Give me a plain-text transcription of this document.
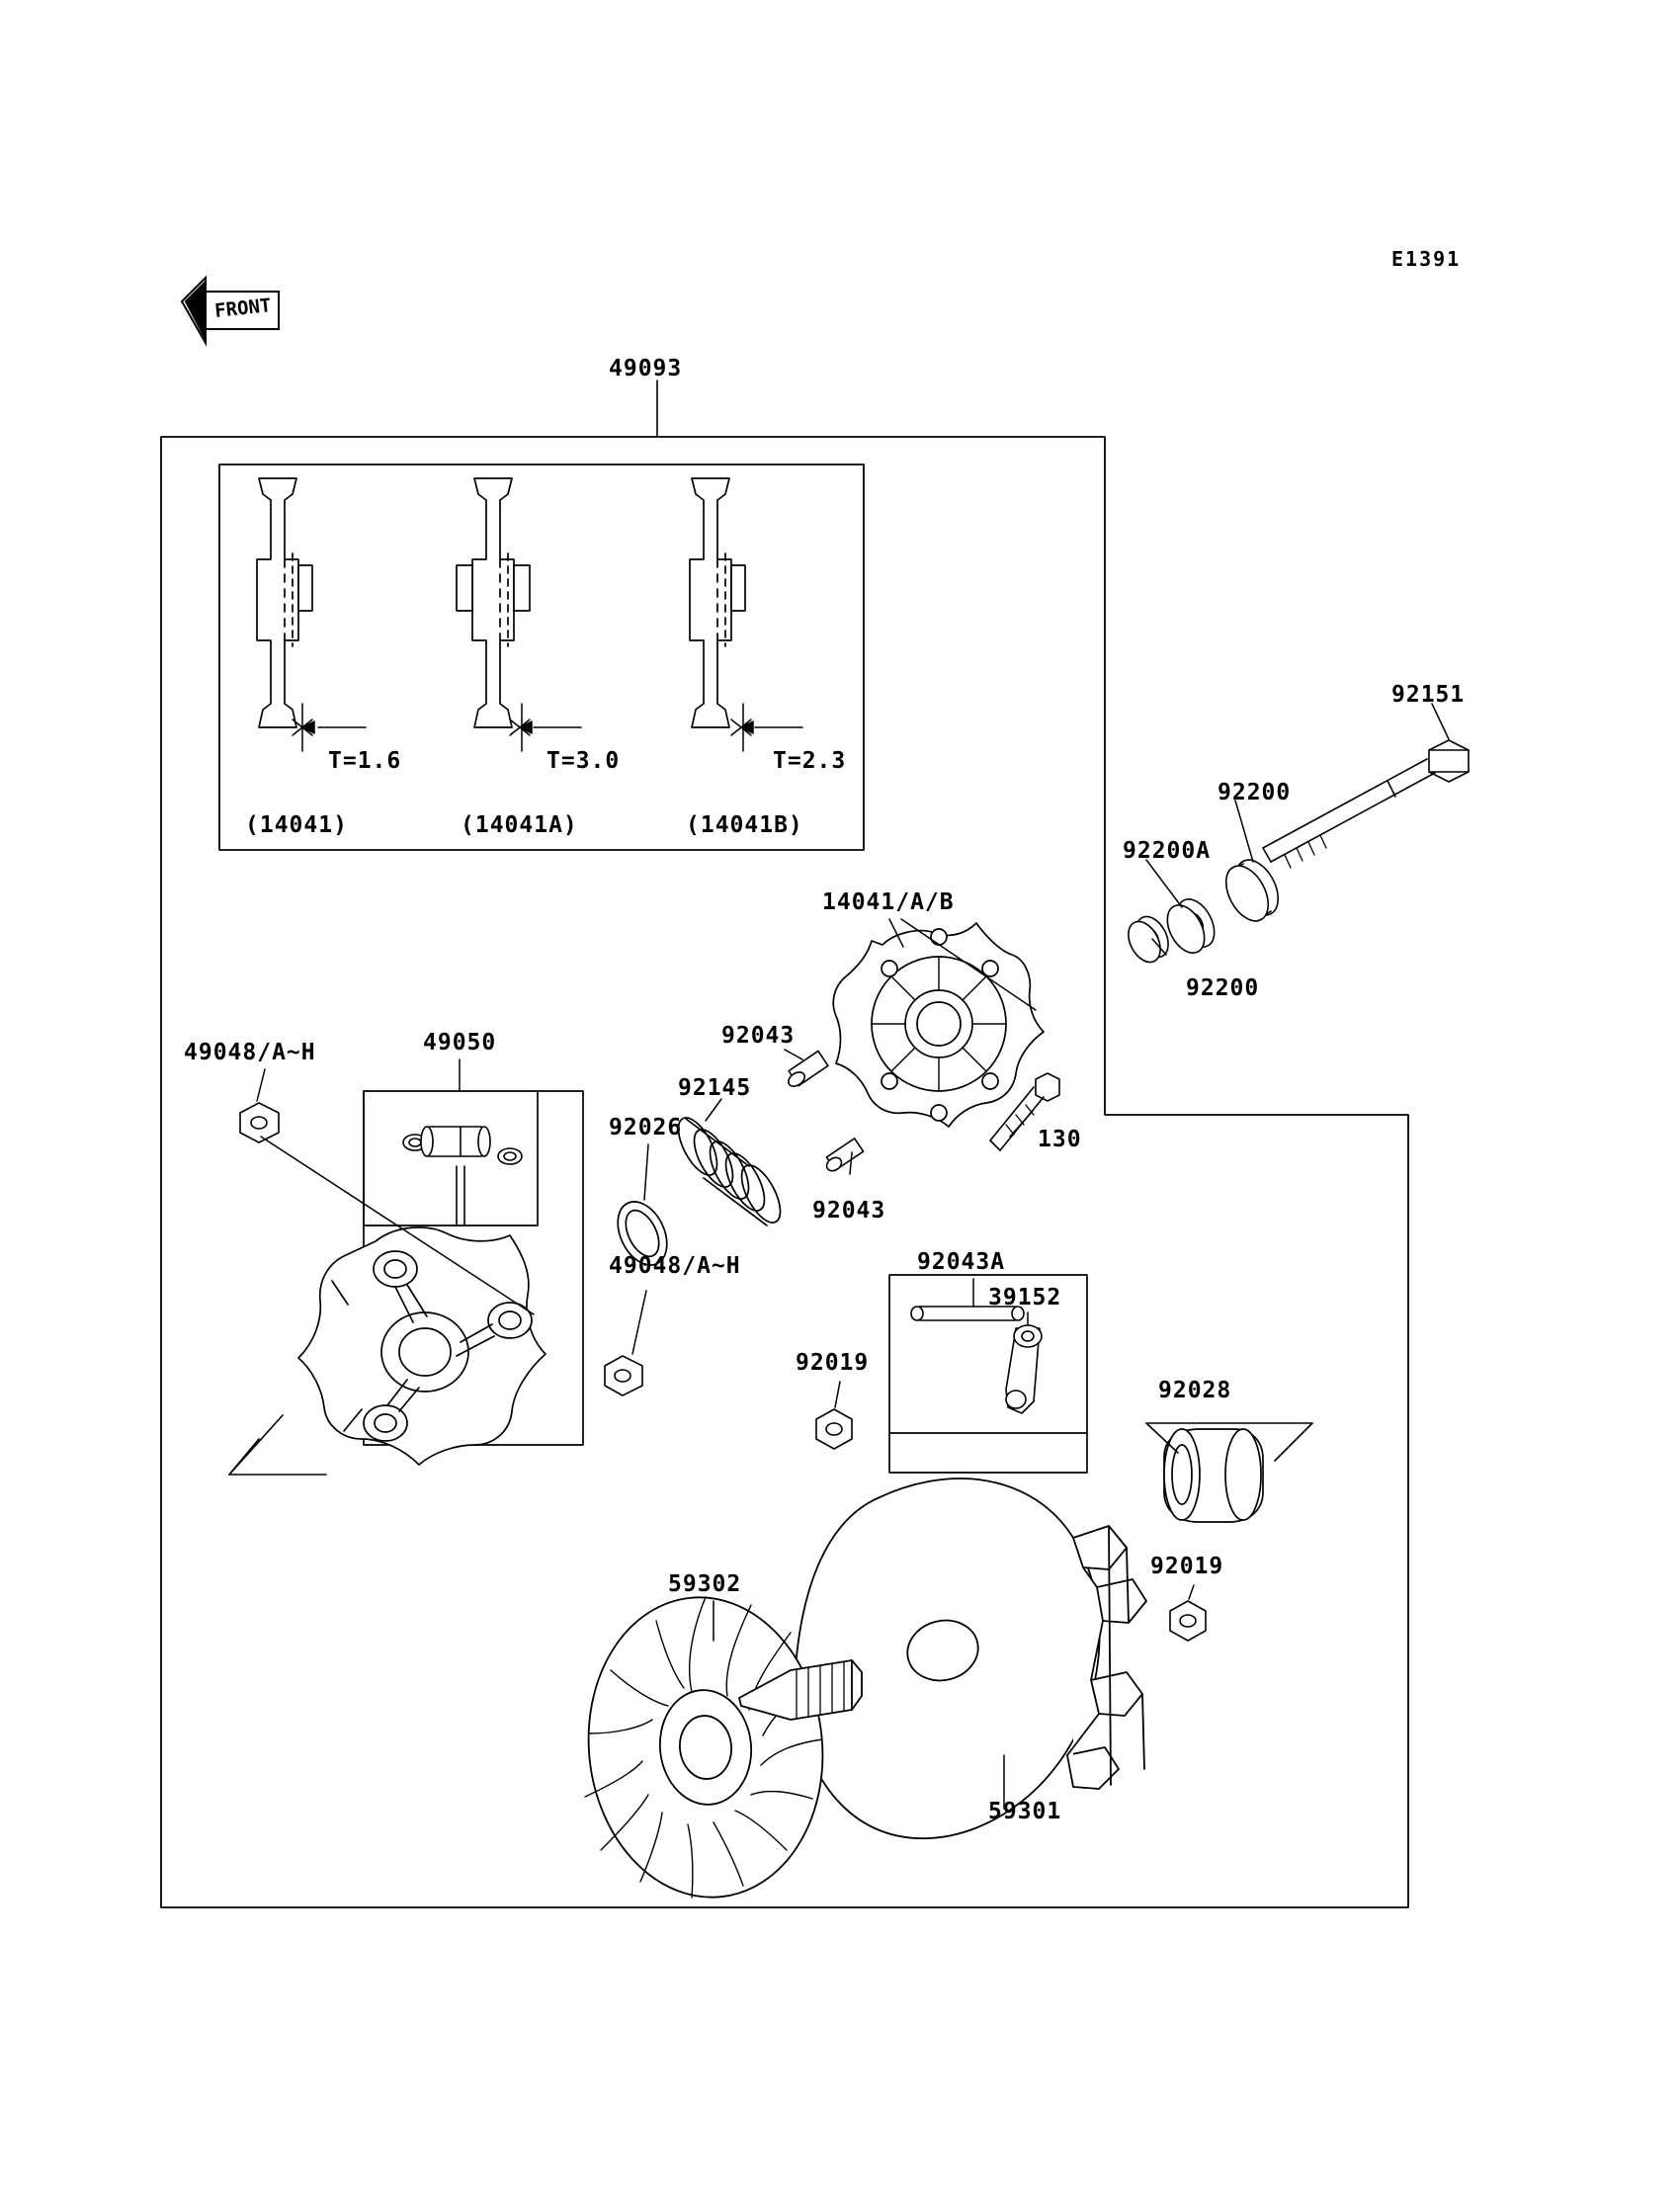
FRONT
E1391
49093
92151
92200
92200A
92200
14041/A/B
92043
92043
130
92145
92026
49050
49048/A~H
49048/A~H	92043A
39152
92019
92019
92028
59302
59301
T=1.6	T=3.0	T=2.3
(14041)	(14041A)	(14041B)
